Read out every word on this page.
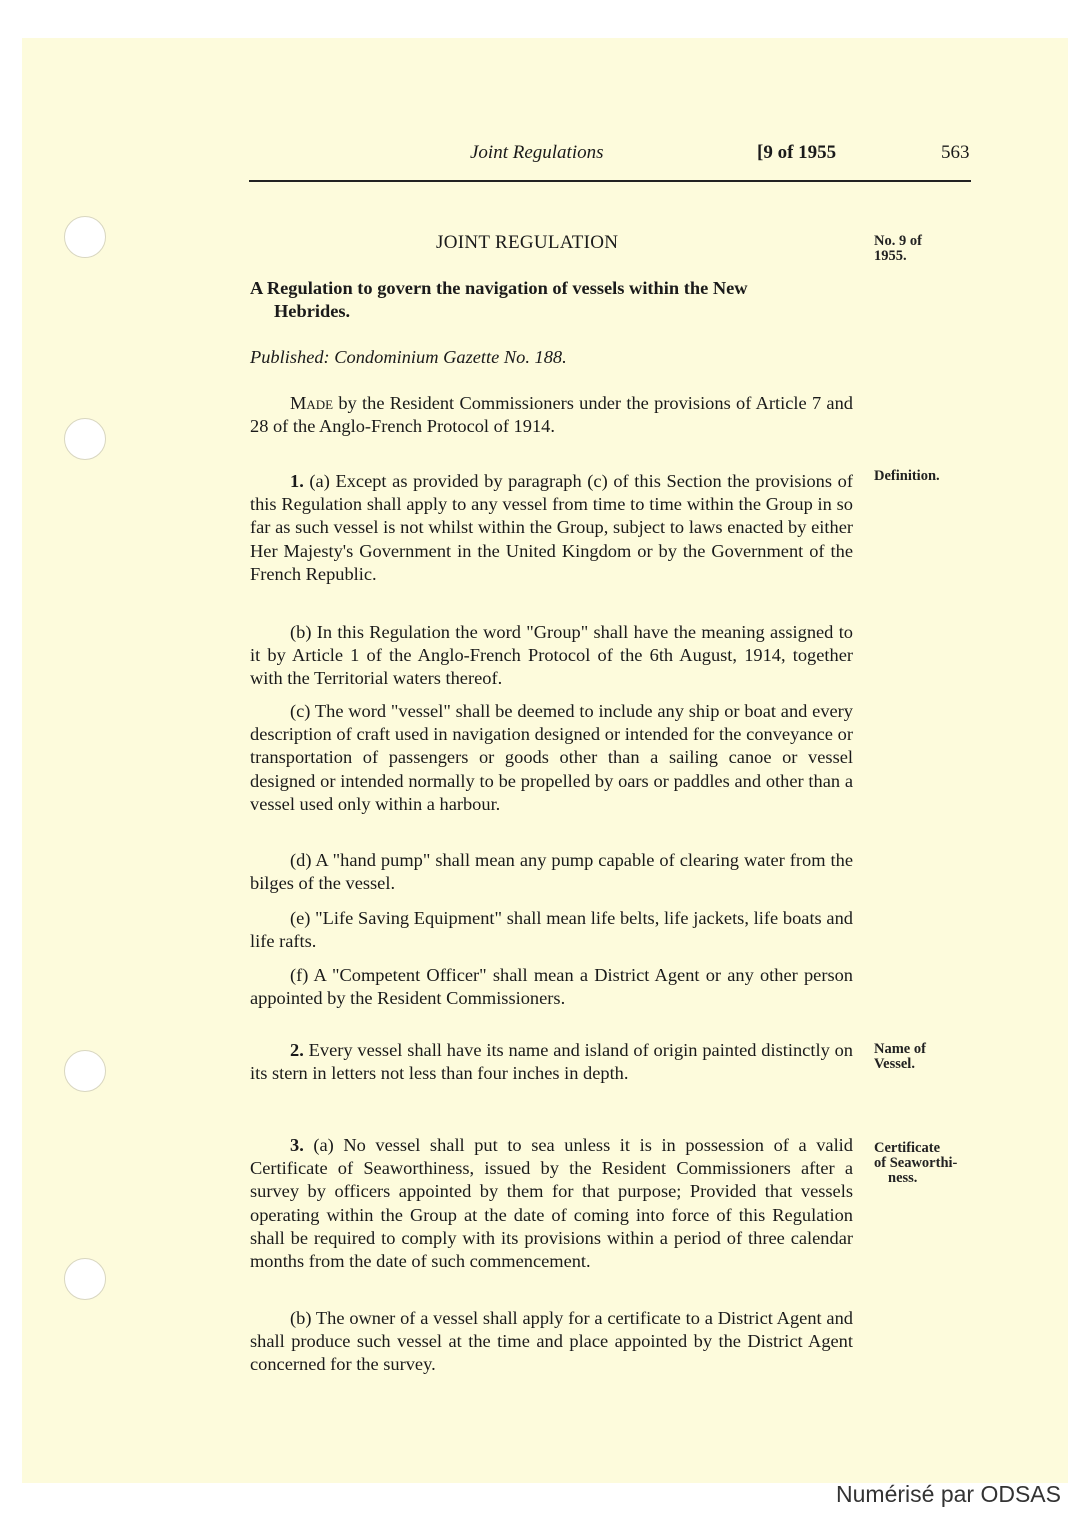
Joint Regulations	[9 of 1955	563
JOINT REGULATION	No. 9 of
1955.
A Regulation to govern the navigation of vessels within the New
Hebrides.
Published: Condominium Gazette No. 188.

Made by the Resident Commissioners under the provisions of Article 7 and 28 of the Anglo-French Protocol of 1914.

Definition.

1. (a) Except as provided by paragraph (c) of this Section the provisions of this Regulation shall apply to any vessel from time to time within the Group in so far as such vessel is not whilst within the Group, subject to laws enacted by either Her Majesty's Government in the United Kingdom or by the Government of the French Republic.

(b) In this Regulation the word "Group" shall have the meaning assigned to it by Article 1 of the Anglo-French Protocol of the 6th August, 1914, together with the Territorial waters thereof.

(c) The word "vessel" shall be deemed to include any ship or boat and every description of craft used in navigation designed or intended for the conveyance or transportation of passengers or goods other than a sailing canoe or vessel designed or intended normally to be propelled by oars or paddles and other than a vessel used only within a harbour.

(d) A "hand pump" shall mean any pump capable of clearing water from the bilges of the vessel.

(e) "Life Saving Equipment" shall mean life belts, life jackets, life boats and life rafts.

(f) A "Competent Officer" shall mean a District Agent or any other person appointed by the Resident Commissioners.

Name of
Vessel.

2. Every vessel shall have its name and island of origin painted distinctly on its stern in letters not less than four inches in depth.

Certificate
of Seaworthi-
ness.

3. (a) No vessel shall put to sea unless it is in possession of a valid Certificate of Seaworthiness, issued by the Resident Commissioners after a survey by officers appointed by them for that purpose; Provided that vessels operating within the Group at the date of coming into force of this Regulation shall be required to comply with its provisions within a period of three calendar months from the date of such commencement.

(b) The owner of a vessel shall apply for a certificate to a District Agent and shall produce such vessel at the time and place appointed by the District Agent concerned for the survey.

Numérisé par ODSAS
